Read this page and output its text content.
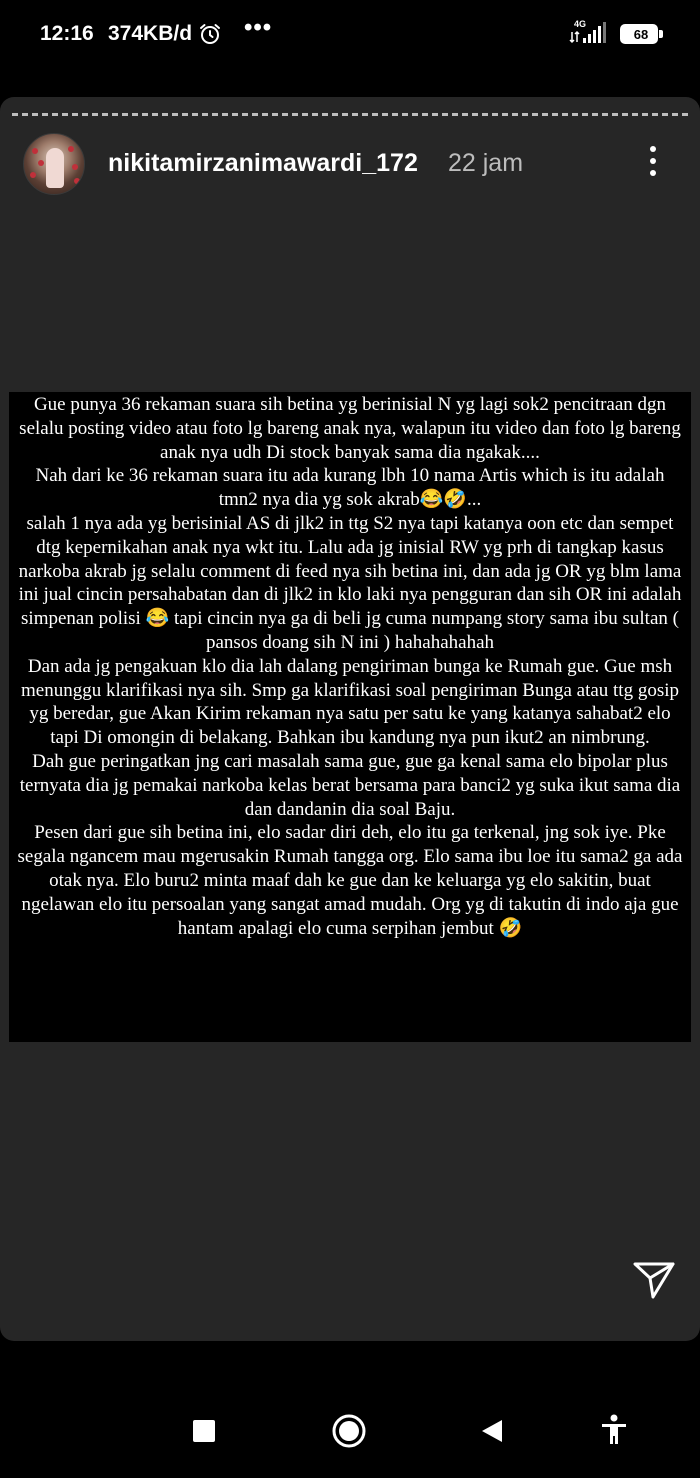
12:16 374KB/d •••	4G
68
nikitamirzanimawardi_172 22 jam

Gue punya 36 rekaman suara sih betina yg berinisial N yg lagi sok2 pencitraan dgn selalu posting video atau foto lg bareng anak nya, walapun itu video dan foto lg bareng anak nya udh Di stock banyak sama dia ngakak....

Nah dari ke 36 rekaman suara itu ada kurang lbh 10 nama Artis which is itu adalah tmn2 nya dia yg sok akrab😂🤣...

salah 1 nya ada yg berisinial AS di jlk2 in ttg S2 nya tapi katanya oon etc dan sempet dtg kepernikahan anak nya wkt itu. Lalu ada jg inisial RW yg prh di tangkap kasus narkoba akrab jg selalu comment di feed nya sih betina ini, dan ada jg OR yg blm lama ini jual cincin persahabatan dan di jlk2 in klo laki nya pengguran dan sih OR ini adalah simpenan polisi 😂 tapi cincin nya ga di beli jg cuma numpang story sama ibu sultan ( pansos doang sih N ini ) hahahahahah

Dan ada jg pengakuan klo dia lah dalang pengiriman bunga ke Rumah gue. Gue msh menunggu klarifikasi nya sih. Smp ga klarifikasi soal pengiriman Bunga atau ttg gosip yg beredar, gue Akan Kirim rekaman nya satu per satu ke yang katanya sahabat2 elo tapi Di omongin di belakang. Bahkan ibu kandung nya pun ikut2 an nimbrung.

Dah gue peringatkan jng cari masalah sama gue, gue ga kenal sama elo bipolar plus ternyata dia jg pemakai narkoba kelas berat bersama para banci2 yg suka ikut sama dia dan dandanin dia soal Baju.

Pesen dari gue sih betina ini, elo sadar diri deh, elo itu ga terkenal, jng sok iye. Pke segala ngancem mau mgerusakin Rumah tangga org. Elo sama ibu loe itu sama2 ga ada otak nya. Elo buru2 minta maaf dah ke gue dan ke keluarga yg elo sakitin, buat ngelawan elo itu persoalan yang sangat amad mudah. Org yg di takutin di indo aja gue hantam apalagi elo cuma serpihan jembut 🤣
